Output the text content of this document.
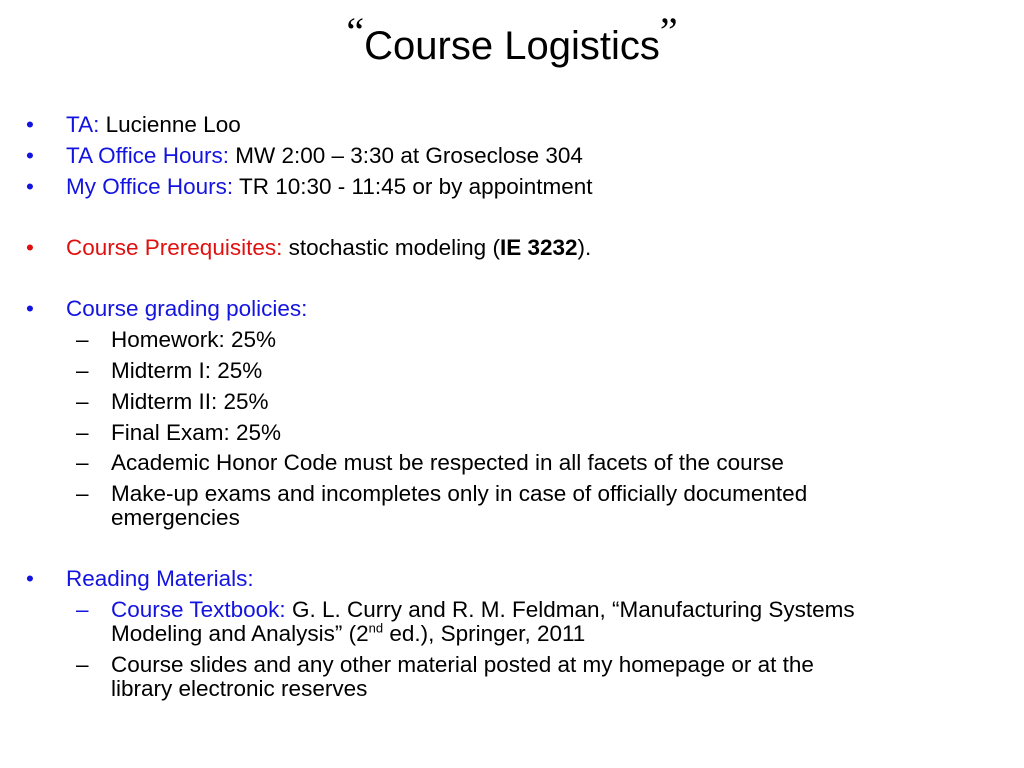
“Course Logistics”
•	TA: Lucienne Loo
•	TA Office Hours: MW 2:00 – 3:30 at Groseclose 304
•	My Office Hours: TR 10:30 - 11:45 or by appointment
•	Course Prerequisites: stochastic modeling (IE 3232).
•	Course grading policies:
– Homework: 25%
– Midterm I: 25%
– Midterm II: 25%
– Final Exam: 25%
– Academic Honor Code must be respected in all facets of the course
– Make-up exams and incompletes only in case of officially documented
emergencies
•	Reading Materials:
– Course Textbook: G. L. Curry and R. M. Feldman, “Manufacturing Systems
Modeling and Analysis” (2nd ed.), Springer, 2011
– Course slides and any other material posted at my homepage or at the
library electronic reserves
